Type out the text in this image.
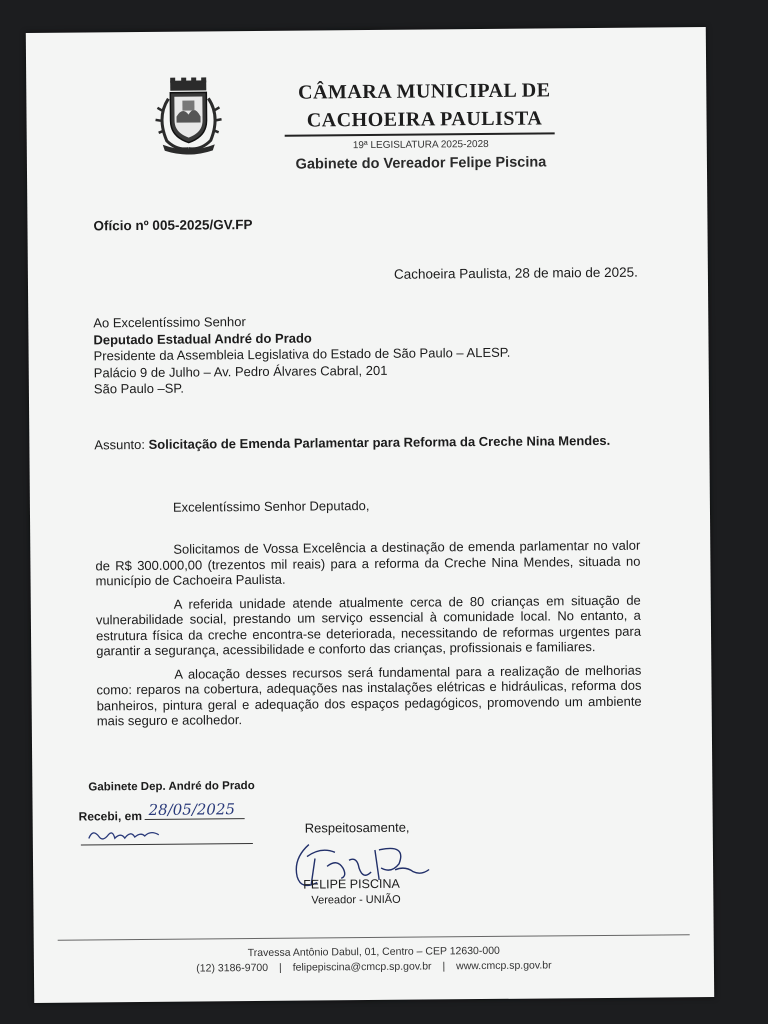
CÂMARA MUNICIPAL DE
CACHOEIRA PAULISTA
19ª LEGISLATURA 2025-2028
Gabinete do Vereador Felipe Piscina
Ofício nº 005-2025/GV.FP
Cachoeira Paulista, 28 de maio de 2025.
Ao Excelentíssimo Senhor
Deputado Estadual André do Prado
Presidente da Assembleia Legislativa do Estado de São Paulo – ALESP.
Palácio 9 de Julho – Av. Pedro Álvares Cabral, 201
São Paulo –SP.
Assunto: Solicitação de Emenda Parlamentar para Reforma da Creche Nina Mendes.
Excelentíssimo Senhor Deputado,

Solicitamos de Vossa Excelência a destinação de emenda parlamentar no valor de R$ 300.000,00 (trezentos mil reais) para a reforma da Creche Nina Mendes, situada no município de Cachoeira Paulista.

A referida unidade atende atualmente cerca de 80 crianças em situação de vulnerabilidade social, prestando um serviço essencial à comunidade local. No entanto, a estrutura física da creche encontra-se deteriorada, necessitando de reformas urgentes para garantir a segurança, acessibilidade e conforto das crianças, profissionais e familiares.

A alocação desses recursos será fundamental para a realização de melhorias como: reparos na cobertura, adequações nas instalações elétricas e hidráulicas, reforma dos banheiros, pintura geral e adequação dos espaços pedagógicos, promovendo um ambiente mais seguro e acolhedor.

Gabinete Dep. André do Prado
Recebi, em 28/05/2025
Respeitosamente,
FELIPE PISCINA
Vereador - UNIÃO
Travessa Antônio Dabul, 01, Centro – CEP 12630-000
(12) 3186-9700 | felipepiscina@cmcp.sp.gov.br | www.cmcp.sp.gov.br
